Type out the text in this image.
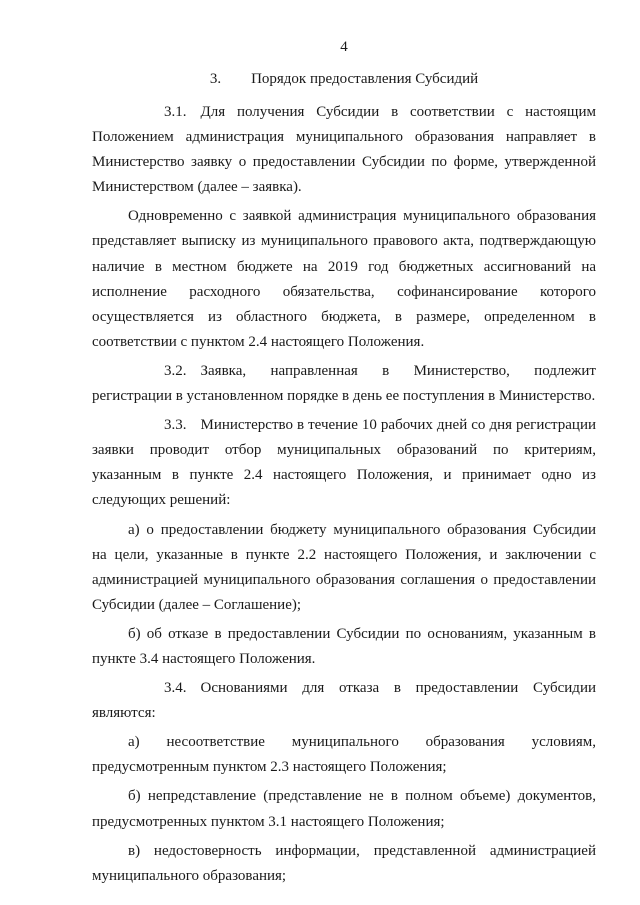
4
3. Порядок предоставления Субсидий

3.1. Для получения Субсидии в соответствии с настоящим Положением администрация муниципального образования направляет в Министерство заявку о предоставлении Субсидии по форме, утвержденной Министерством (далее – заявка).

Одновременно с заявкой администрация муниципального образования представляет выписку из муниципального правового акта, подтверждающую наличие в местном бюджете на 2019 год бюджетных ассигнований на исполнение расходного обязательства, софинансирование которого осуществляется из областного бюджета, в размере, определенном в соответствии с пунктом 2.4 настоящего Положения.

3.2. Заявка, направленная в Министерство, подлежит регистрации в установленном порядке в день ее поступления в Министерство.

3.3. Министерство в течение 10 рабочих дней со дня регистрации заявки проводит отбор муниципальных образований по критериям, указанным в пункте 2.4 настоящего Положения, и принимает одно из следующих решений:

а) о предоставлении бюджету муниципального образования Субсидии на цели, указанные в пункте 2.2 настоящего Положения, и заключении с администрацией муниципального образования соглашения о предоставлении Субсидии (далее – Соглашение);

б) об отказе в предоставлении Субсидии по основаниям, указанным в пункте 3.4 настоящего Положения.

3.4. Основаниями для отказа в предоставлении Субсидии являются:

а) несоответствие муниципального образования условиям, предусмотренным пунктом 2.3 настоящего Положения;

б) непредставление (представление не в полном объеме) документов, предусмотренных пунктом 3.1 настоящего Положения;

в) недостоверность информации, представленной администрацией муниципального образования;
